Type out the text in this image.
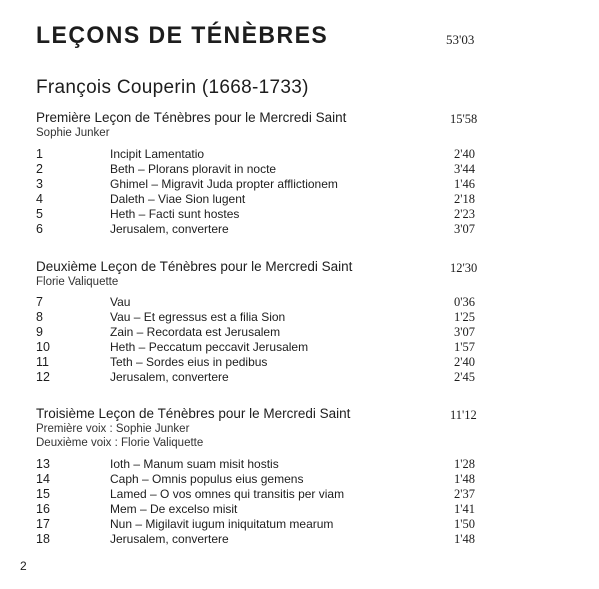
LEÇONS DE TÉNÈBRES	53'03
François Couperin (1668-1733)
Première Leçon de Ténèbres pour le Mercredi Saint	15'58
Sophie Junker
1	Incipit Lamentatio	2'40
2	Beth – Plorans ploravit in nocte	3'44
3	Ghimel – Migravit Juda propter afflictionem	1'46
4	Daleth – Viae Sion lugent	2'18
5	Heth – Facti sunt hostes	2'23
6	Jerusalem, convertere	3'07
Deuxième Leçon de Ténèbres pour le Mercredi Saint	12'30
Florie Valiquette
7	Vau	0'36
8	Vau – Et egressus est a filia Sion	1'25
9	Zain – Recordata est Jerusalem	3'07
10	Heth – Peccatum peccavit Jerusalem	1'57
11	Teth – Sordes eius in pedibus	2'40
12	Jerusalem, convertere	2'45
Troisième Leçon de Ténèbres pour le Mercredi Saint	11'12
Première voix : Sophie Junker
Deuxième voix : Florie Valiquette
13	Ioth – Manum suam misit hostis	1'28
14	Caph – Omnis populus eius gemens	1'48
15	Lamed – O vos omnes qui transitis per viam	2'37
16	Mem – De excelso misit	1'41
17	Nun – Migilavit iugum iniquitatum mearum	1'50
18	Jerusalem, convertere	1'48
2
